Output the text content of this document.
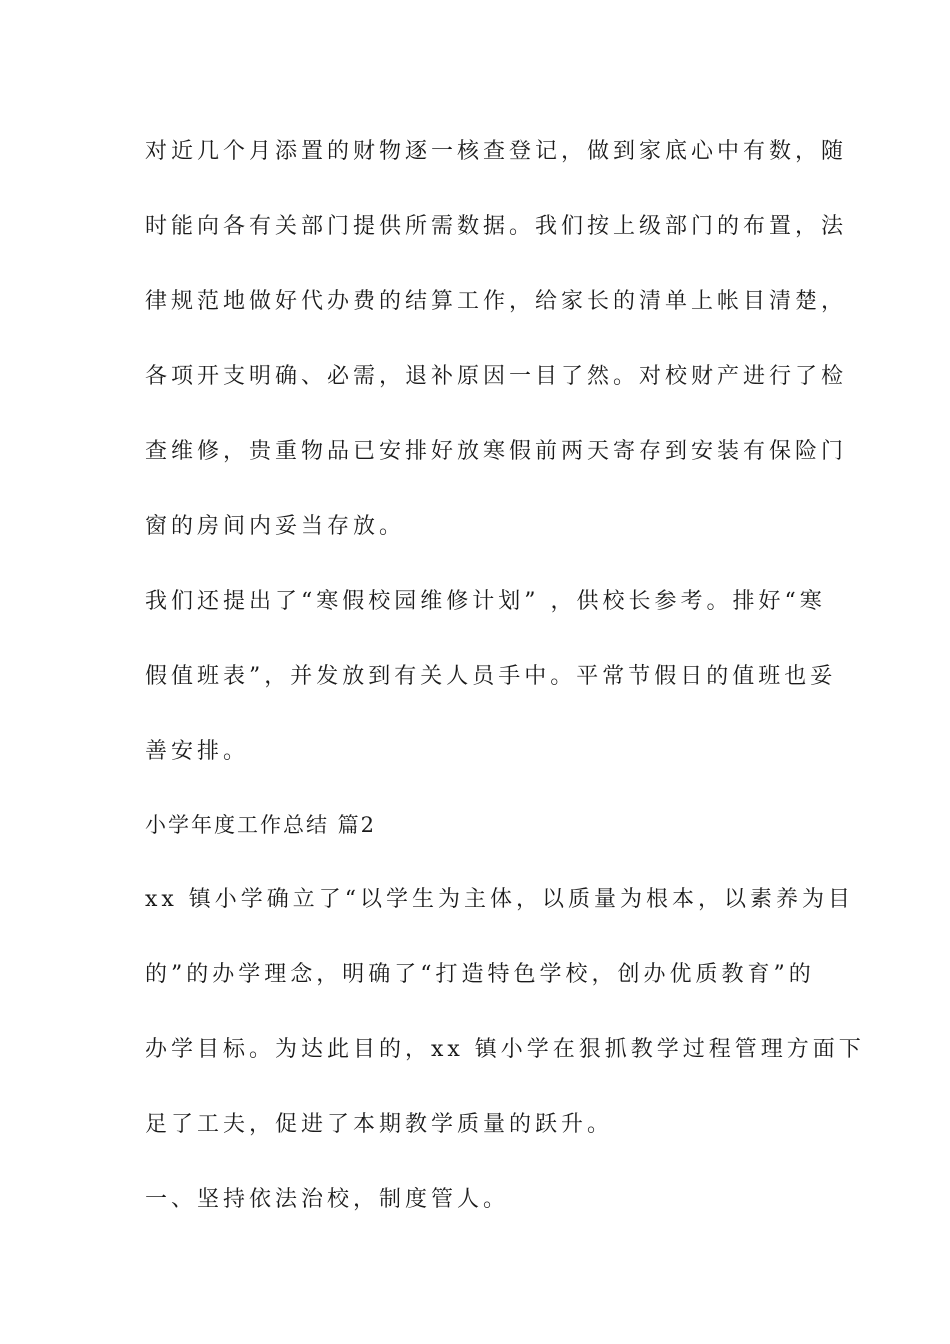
对近几个月添置的财物逐一核查登记，做到家底心中有数，随
时能向各有关部门提供所需数据。我们按上级部门的布置，法
律规范地做好代办费的结算工作，给家长的清单上帐目清楚，
各项开支明确、必需，退补原因一目了然。对校财产进行了检
查维修，贵重物品已安排好放寒假前两天寄存到安装有保险门
窗的房间内妥当存放。
我们还提出了“寒假校园维修计划” ，供校长参考。排好“寒
假值班表”，并发放到有关人员手中。平常节假日的值班也妥
善安排。
小学年度工作总结 篇2
xx 镇小学确立了“以学生为主体，以质量为根本，以素养为目
的”的办学理念，明确了“打造特色学校，创办优质教育”的
办学目标。为达此目的，xx 镇小学在狠抓教学过程管理方面下
足了工夫，促进了本期教学质量的跃升。
一、坚持依法治校，制度管人。
